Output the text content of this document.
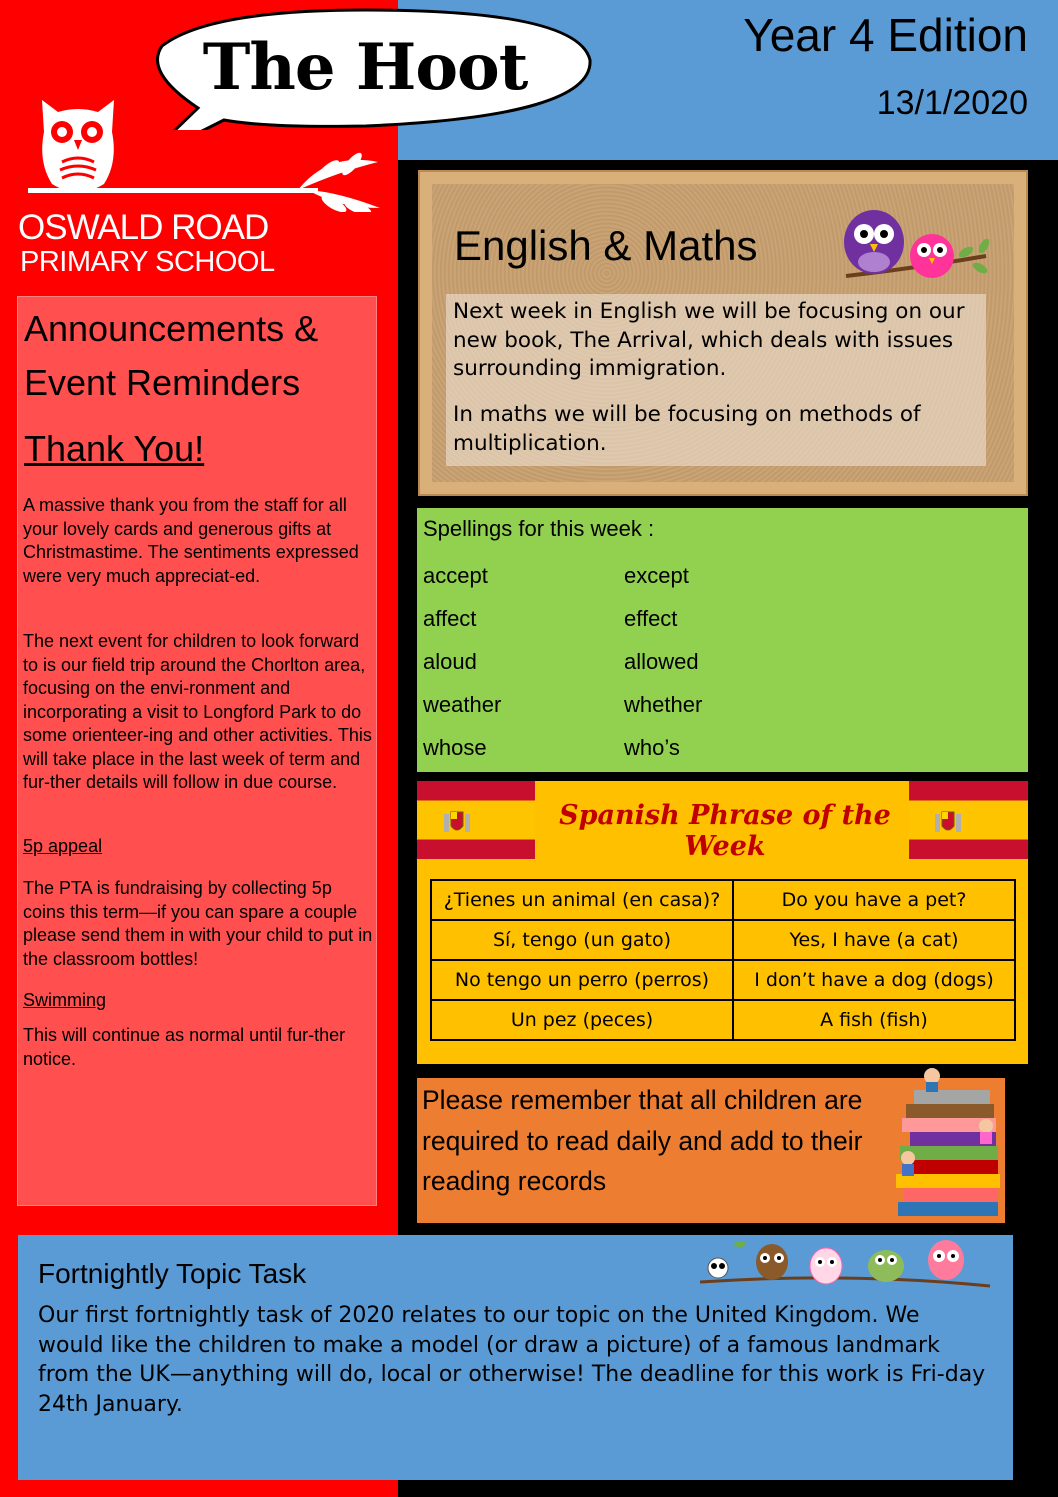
The Hoot	Year 4 Edition
13/1/2020
OSWALD ROAD
PRIMARY SCHOOL
Announcements & Event Reminders
Thank You!
A massive thank you from the staff for all your lovely cards and generous gifts at Christmastime. The sentiments expressed were very much appreciat-ed.
The next event for children to look forward to is our field trip around the Chorlton area, focusing on the envi-ronment and incorporating a visit to Longford Park to do some orienteer-ing and other activities. This will take place in the last week of term and fur-ther details will follow in due course.
5p appeal
The PTA is fundraising by collecting 5p coins this term—if you can spare a couple please send them in with your child to put in the classroom bottles!
Swimming
This will continue as normal until fur-ther notice.
English & Maths
Next week in English we will be focusing on our new book, The Arrival, which deals with issues surrounding immigration.
In maths we will be focusing on methods of multiplication.
Spellings for this week :
accept	except
affect	effect
aloud	allowed
weather	whether
whose	who’s
Spanish Phrase of the Week
¿Tienes un animal (en casa)?	Do you have a pet?
Sí, tengo (un gato)	Yes, I have (a cat)
No tengo un perro (perros)	I don’t have a dog (dogs)
Un pez (peces)	A fish (fish)
Please remember that all children are required to read daily and add to their reading records
Fortnightly Topic Task
Our first fortnightly task of 2020 relates to our topic on the United Kingdom. We would like the children to make a model (or draw a picture) of a famous landmark from the UK—anything will do, local or otherwise! The deadline for this work is Fri-day 24th January.
